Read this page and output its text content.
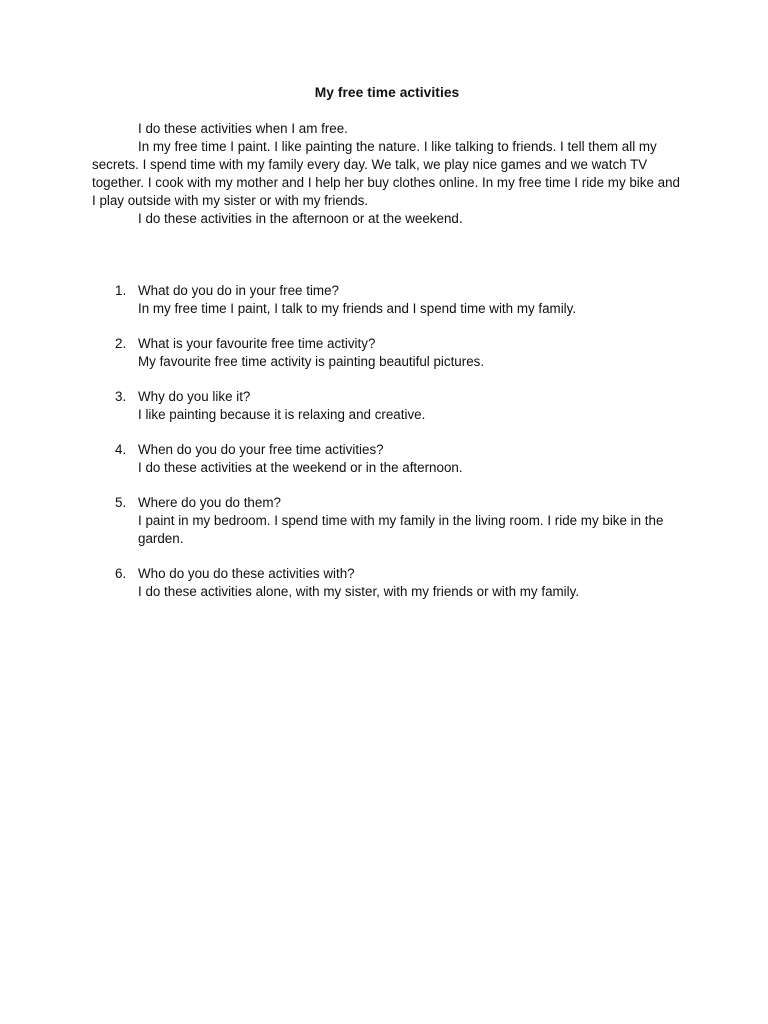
My free time activities

I do these activities when I am free.

In my free time I paint. I like painting the nature. I like talking to friends. I tell them all my secrets. I spend time with my family every day. We talk, we play nice games and we watch TV together. I cook with my mother and I help her buy clothes online. In my free time I ride my bike and I play outside with my sister or with my friends.

I do these activities in the afternoon or at the weekend.

1. What do you do in your free time?
In my free time I paint, I talk to my friends and I spend time with my family.
2. What is your favourite free time activity?
My favourite free time activity is painting beautiful pictures.
3. Why do you like it?
I like painting because it is relaxing and creative.
4. When do you do your free time activities?
I do these activities at the weekend or in the afternoon.
5. Where do you do them?
I paint in my bedroom. I spend time with my family in the living room. I ride my bike in the garden.
6. Who do you do these activities with?
I do these activities alone, with my sister, with my friends or with my family.
